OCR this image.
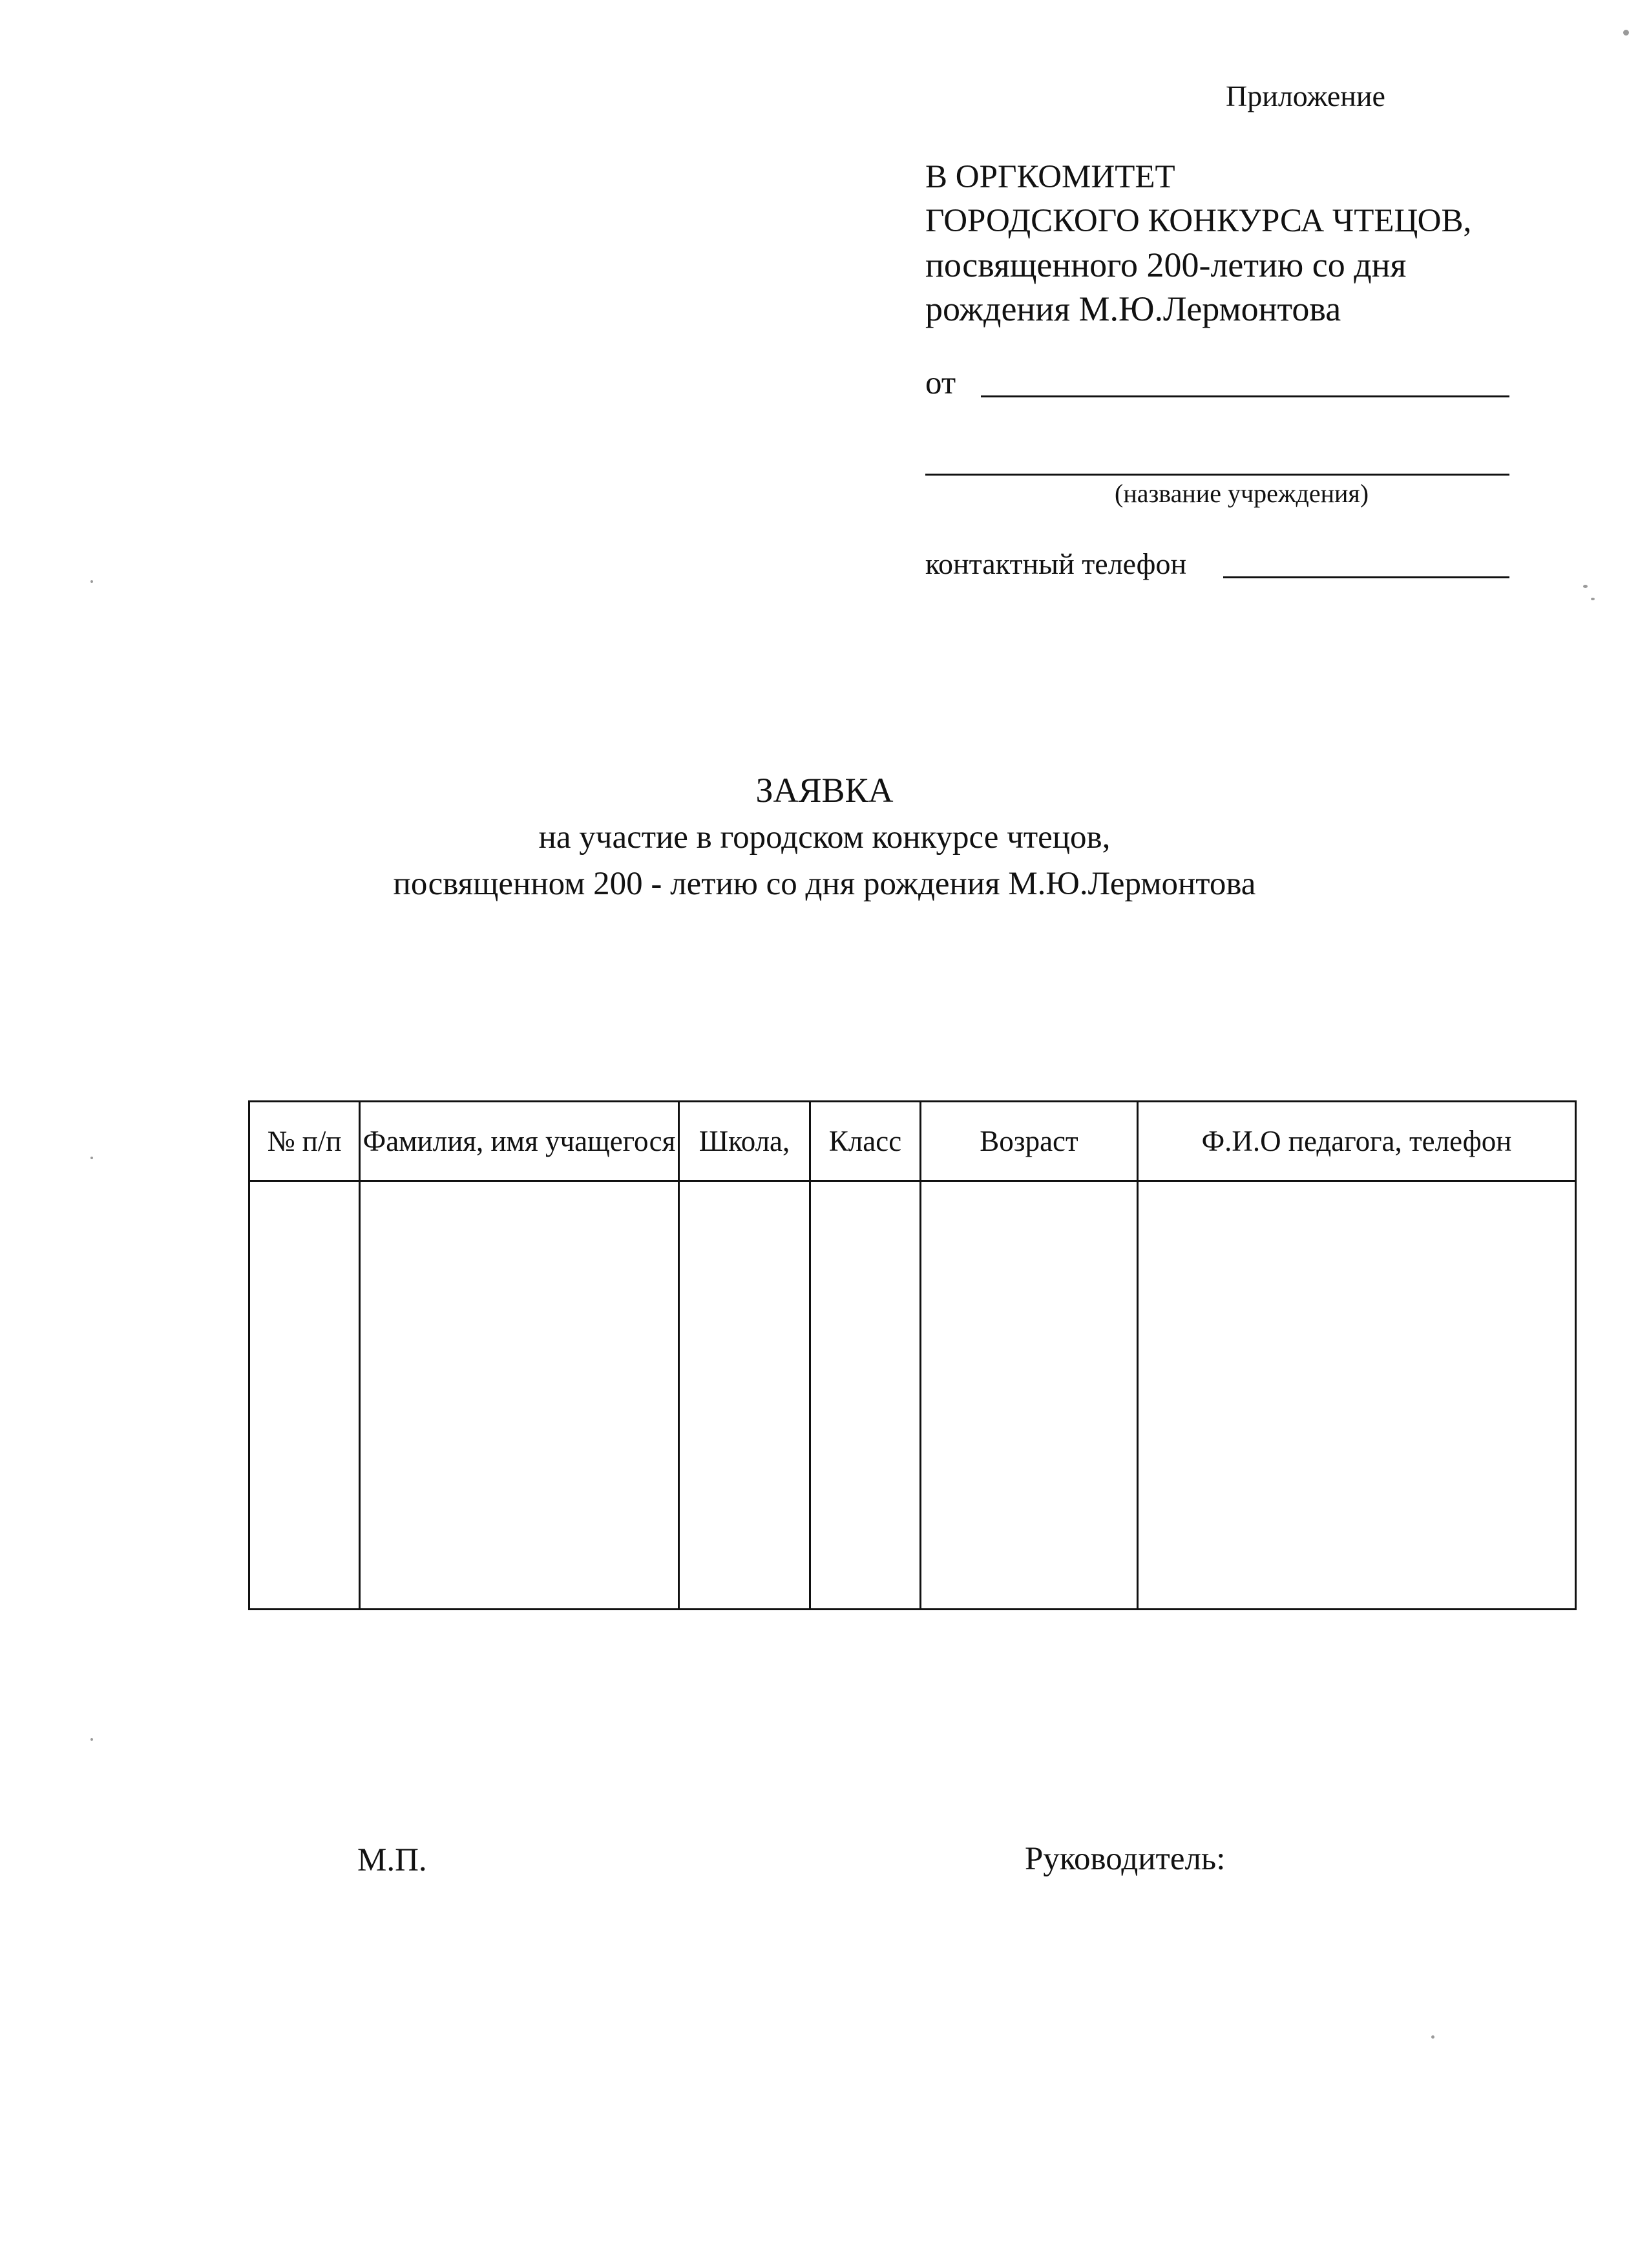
Приложение
В ОРГКОМИТЕТ
ГОРОДСКОГО КОНКУРСА ЧТЕЦОВ,
посвященного 200-летию со дня
рождения М.Ю.Лермонтова
от
(название учреждения)
контактный телефон
ЗАЯВКА
на участие в городском конкурсе чтецов,
посвященном 200 - летию со дня рождения М.Ю.Лермонтова
№ п/п	Фамилия, имя учащегося	Школа,	Класс	Возраст	Ф.И.О педагога, телефон

М.П.	Руководитель:
